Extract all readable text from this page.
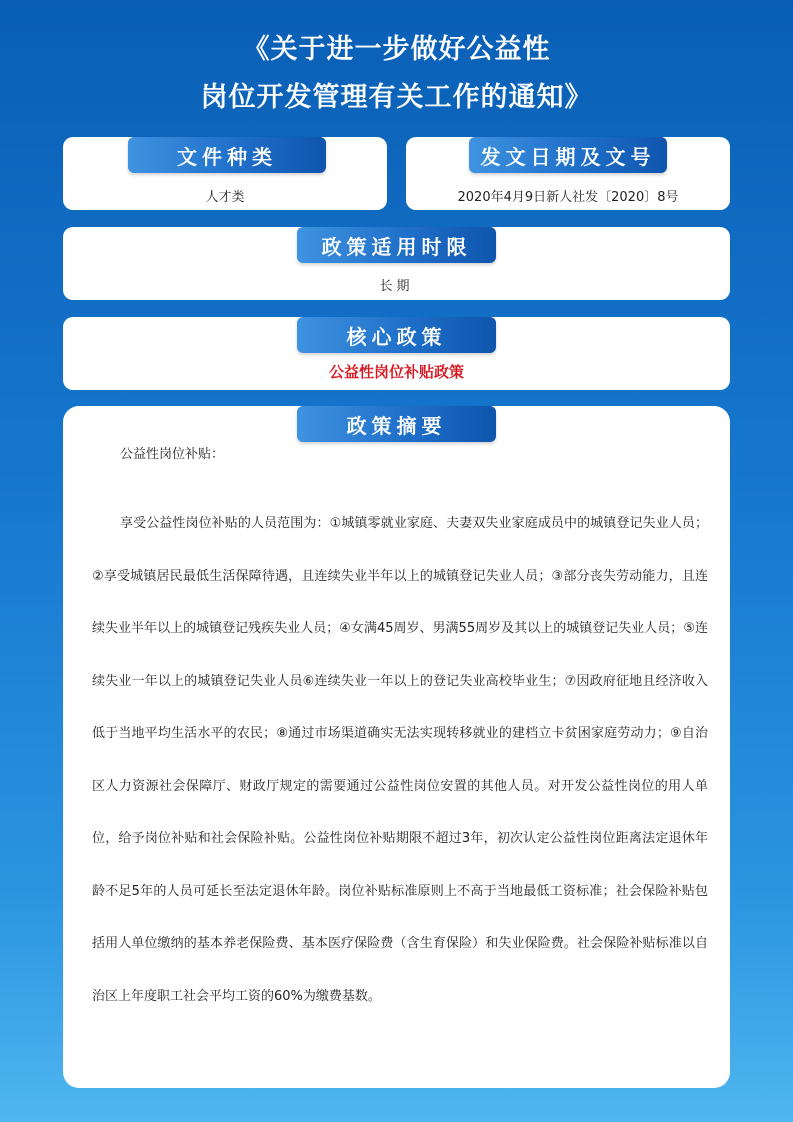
《关于进一步做好公益性
岗位开发管理有关工作的通知》
文件种类
人才类
发文日期及文号
2020年4月9日新人社发〔2020〕8号
政策适用时限
长期
核心政策
公益性岗位补贴政策
政策摘要

公益性岗位补贴：

享受公益性岗位补贴的人员范围为：①城镇零就业家庭、夫妻双失业家庭成员中的城镇登记失业人员；②享受城镇居民最低生活保障待遇，且连续失业半年以上的城镇登记失业人员；③部分丧失劳动能力，且连续失业半年以上的城镇登记残疾失业人员；④女满45周岁、男满55周岁及其以上的城镇登记失业人员；⑤连续失业一年以上的城镇登记失业人员⑥连续失业一年以上的登记失业高校毕业生；⑦因政府征地且经济收入低于当地平均生活水平的农民；⑧通过市场渠道确实无法实现转移就业的建档立卡贫困家庭劳动力；⑨自治区人力资源社会保障厅、财政厅规定的需要通过公益性岗位安置的其他人员。对开发公益性岗位的用人单位，给予岗位补贴和社会保险补贴。公益性岗位补贴期限不超过3年，初次认定公益性岗位距离法定退休年龄不足5年的人员可延长至法定退休年龄。岗位补贴标准原则上不高于当地最低工资标准；社会保险补贴包括用人单位缴纳的基本养老保险费、基本医疗保险费（含生育保险）和失业保险费。社会保险补贴标准以自治区上年度职工社会平均工资的60%为缴费基数。
